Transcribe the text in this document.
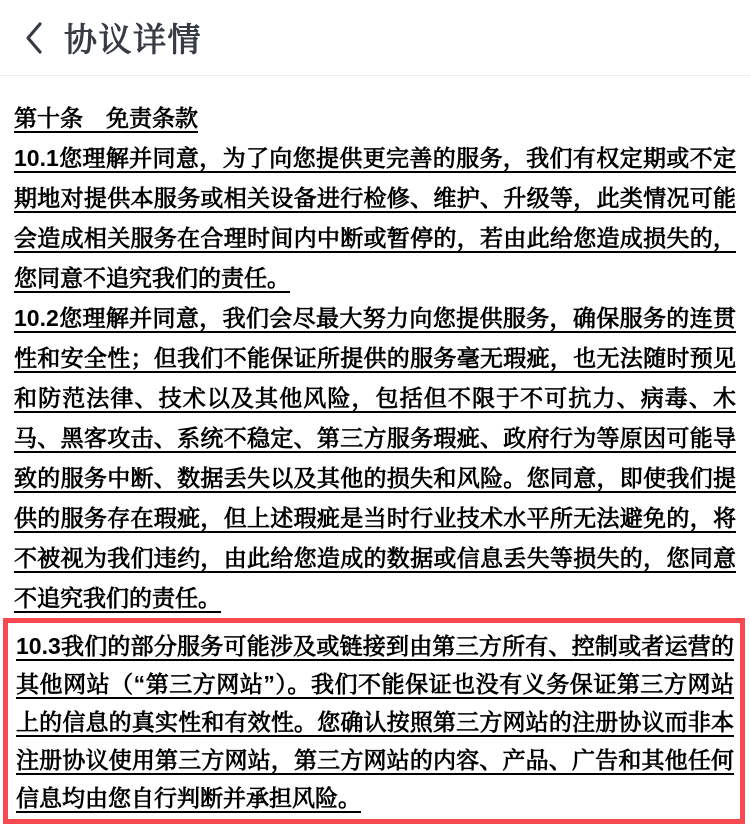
协议详情
第十条　免责条款
10.1您理解并同意，为了向您提供更完善的服务，我们有权定期或不定
期地对提供本服务或相关设备进行检修、维护、升级等，此类情况可能
会造成相关服务在合理时间内中断或暂停的，若由此给您造成损失的，
您同意不追究我们的责任。
10.2您理解并同意，我们会尽最大努力向您提供服务，确保服务的连贯
性和安全性；但我们不能保证所提供的服务毫无瑕疵，也无法随时预见
和防范法律、技术以及其他风险，包括但不限于不可抗力、病毒、木
马、黑客攻击、系统不稳定、第三方服务瑕疵、政府行为等原因可能导
致的服务中断、数据丢失以及其他的损失和风险。您同意，即使我们提
供的服务存在瑕疵，但上述瑕疵是当时行业技术水平所无法避免的，将
不被视为我们违约，由此给您造成的数据或信息丢失等损失的，您同意
不追究我们的责任。
10.3我们的部分服务可能涉及或链接到由第三方所有、控制或者运营的
其他网站（“第三方网站”）。我们不能保证也没有义务保证第三方网站
上的信息的真实性和有效性。您确认按照第三方网站的注册协议而非本
注册协议使用第三方网站，第三方网站的内容、产品、广告和其他任何
信息均由您自行判断并承担风险。
